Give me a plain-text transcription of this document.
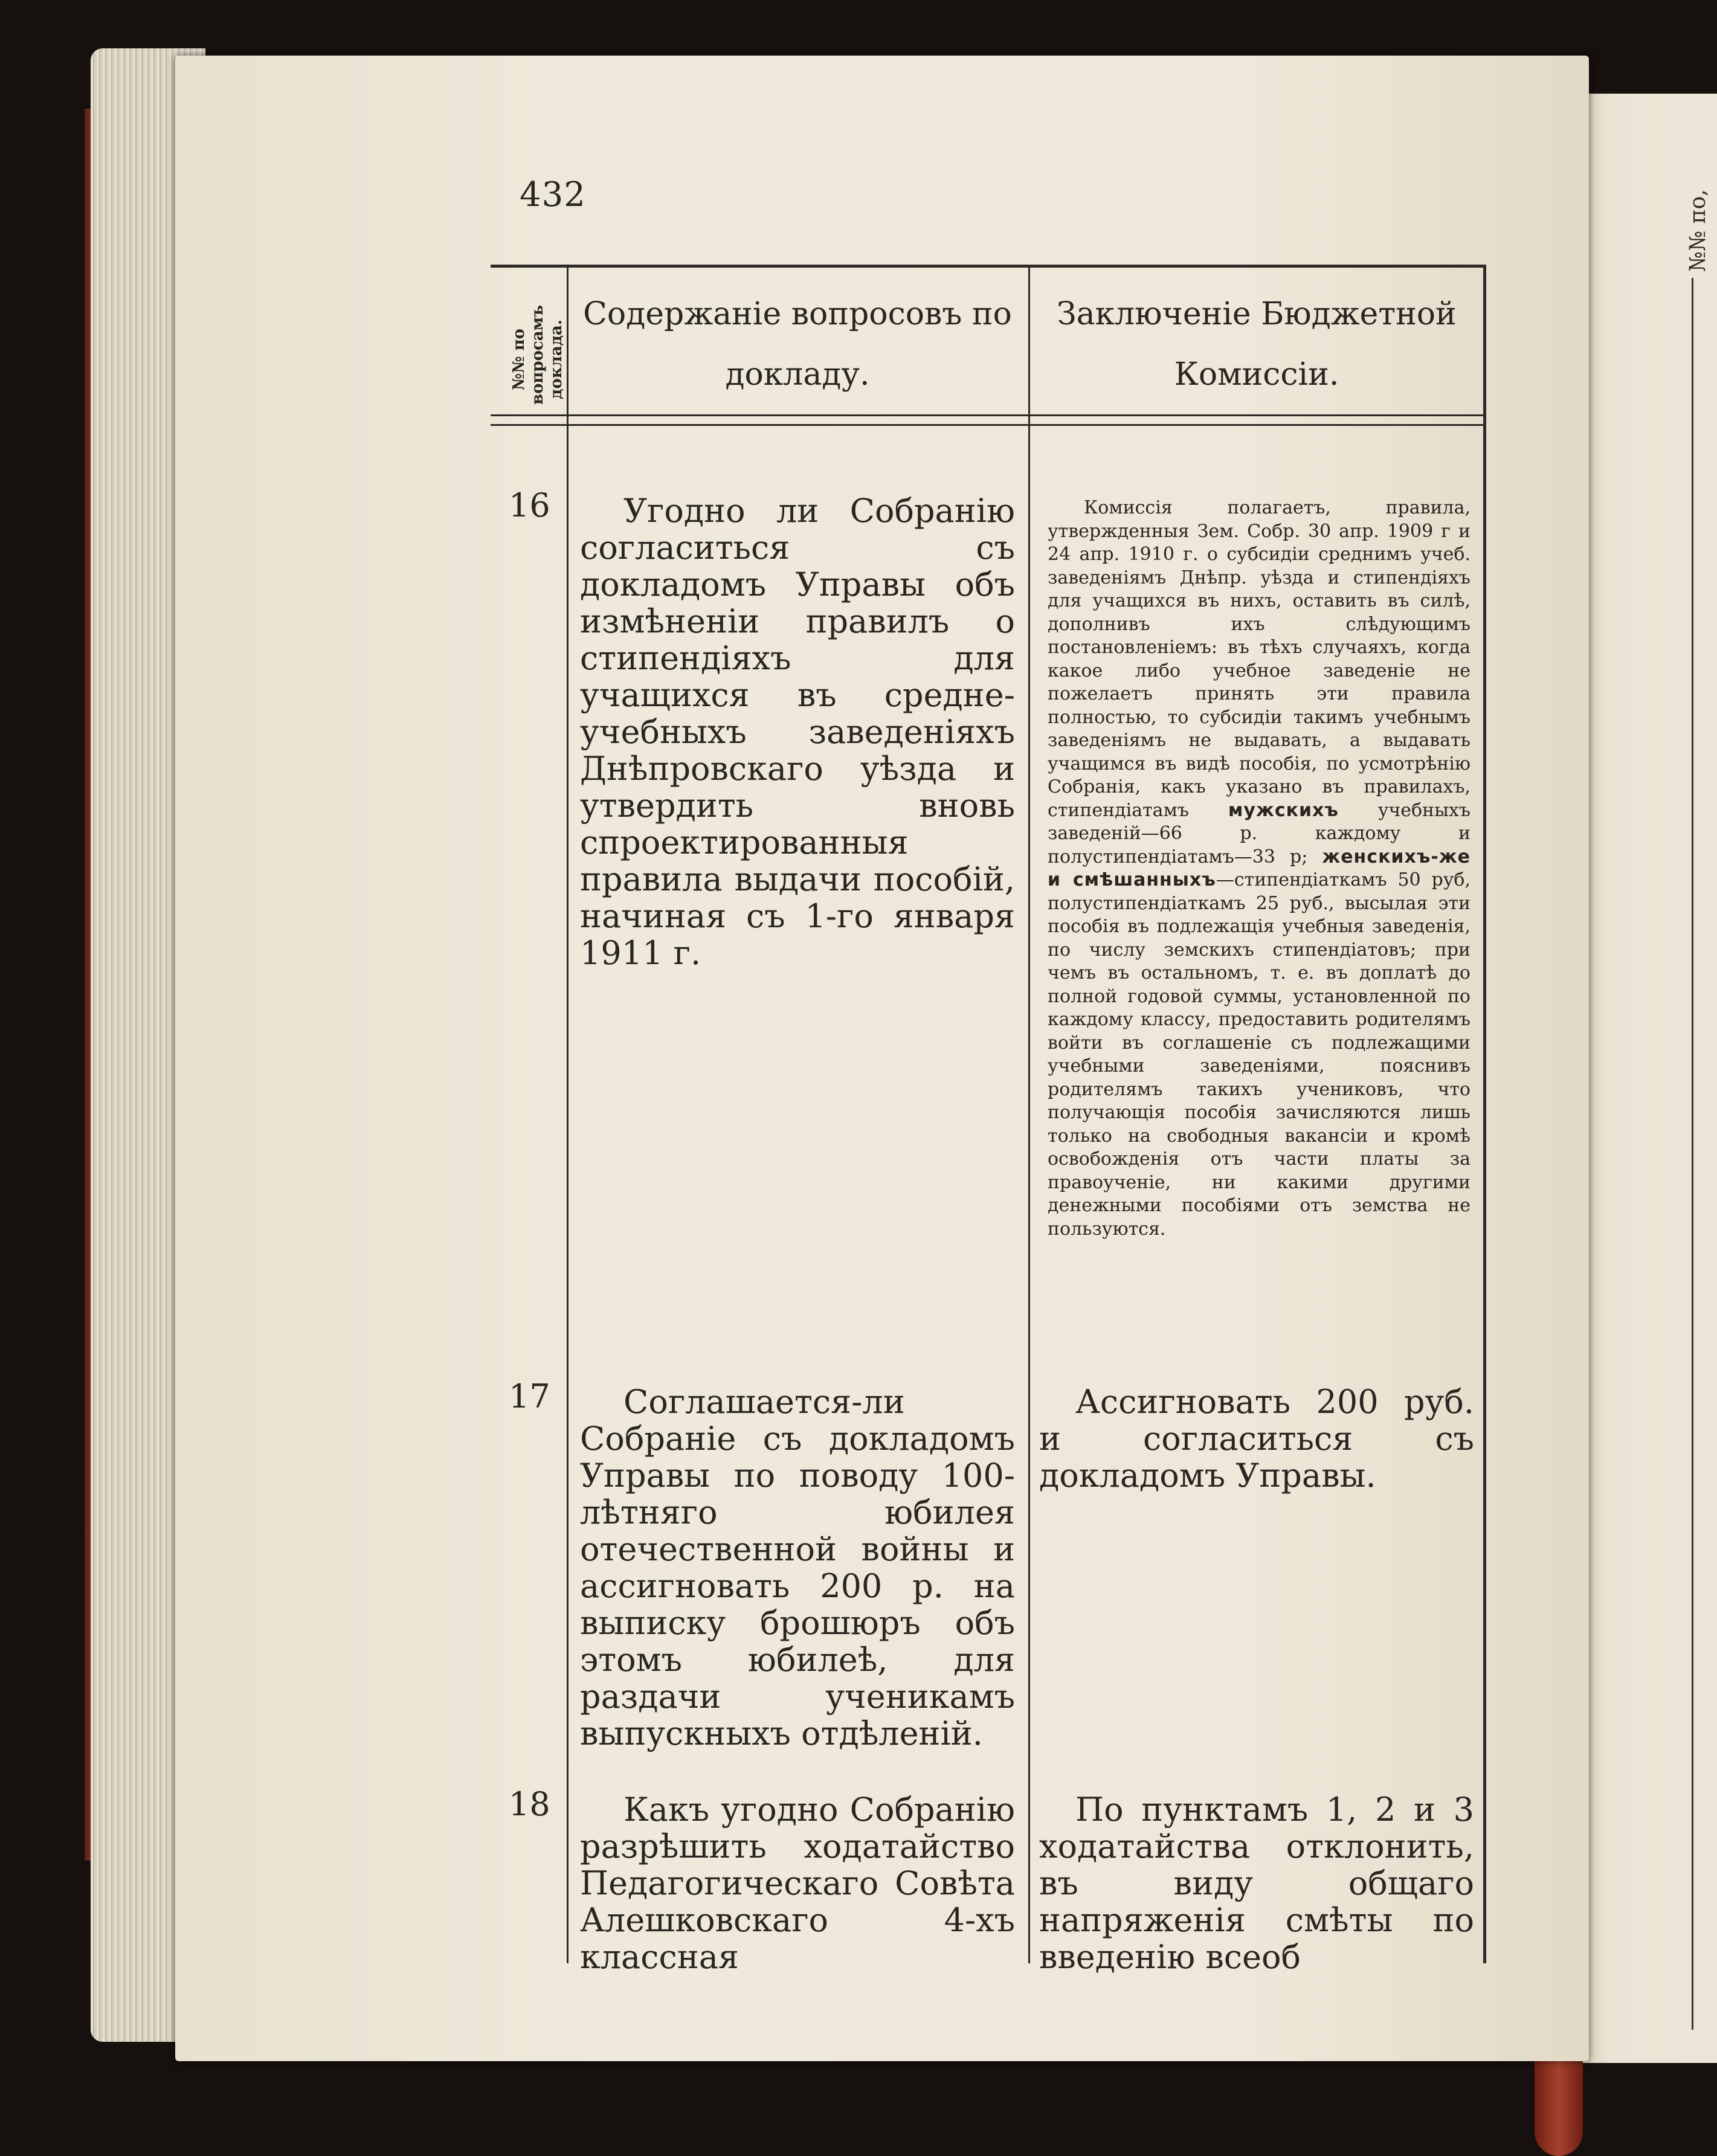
432
№№ по вопросамъ доклада.
Содержаніе вопросовъ по докладу.
Заключеніе Бюджетной Комиссіи.
16	Угодно ли Собранію согласиться съ докладомъ Управы объ измѣненіи правилъ о стипендіяхъ для учащихся въ средне-учебныхъ заведеніяхъ Днѣпровскаго уѣзда и утвердить вновь спроектированныя правила выдачи пособій, начиная съ 1-го января 1911 г.

Комиссія полагаетъ, правила, утвержденныя Зем. Собр. 30 апр. 1909 г и 24 апр. 1910 г. о субсидіи среднимъ учеб. заведеніямъ Днѣпр. уѣзда и стипендіяхъ для учащихся въ нихъ, оставить въ силѣ, дополнивъ ихъ слѣдующимъ постановленіемъ: въ тѣхъ случаяхъ, когда какое либо учебное заведеніе не пожелаетъ принять эти правила полностью, то субсидіи такимъ учебнымъ заведеніямъ не выдавать, а выдавать учащимся въ видѣ пособія, по усмотрѣнію Собранія, какъ указано въ правилахъ, стипендіатамъ мужскихъ учебныхъ заведеній—66 р. каждому и полустипендіатамъ—33 р; женскихъ-же и смѣшанныхъ—стипендіаткамъ 50 руб, полустипендіаткамъ 25 руб., высылая эти пособія въ подлежащія учебныя заведенія, по числу земскихъ стипендіатовъ; при чемъ въ остальномъ, т. е. въ доплатѣ до полной годовой суммы, установленной по каждому классу, предоставить родителямъ войти въ соглашеніе съ подлежащими учебными заведеніями, пояснивъ родителямъ такихъ учениковъ, что получающія пособія зачисляются лишь только на свободныя вакансіи и кромѣ освобожденія отъ части платы за правоученіе, ни какими другими денежными пособіями отъ земства не пользуются.

17	Соглашается-ли Собраніе съ докладомъ Управы по поводу 100-лѣтняго юбилея отечественной войны и ассигновать 200 р. на выписку брошюръ объ этомъ юбилеѣ, для раздачи ученикамъ выпускныхъ отдѣленій.

Ассигновать 200 руб. и согласиться съ докладомъ Управы.

18	Какъ угодно Собранію разрѣшить ходатайство Педагогическаго Совѣта Алешковскаго 4-хъ классная

По пунктамъ 1, 2 и 3 ходатайства отклонить, въ виду общаго напряженія смѣты по введенію всеоб
